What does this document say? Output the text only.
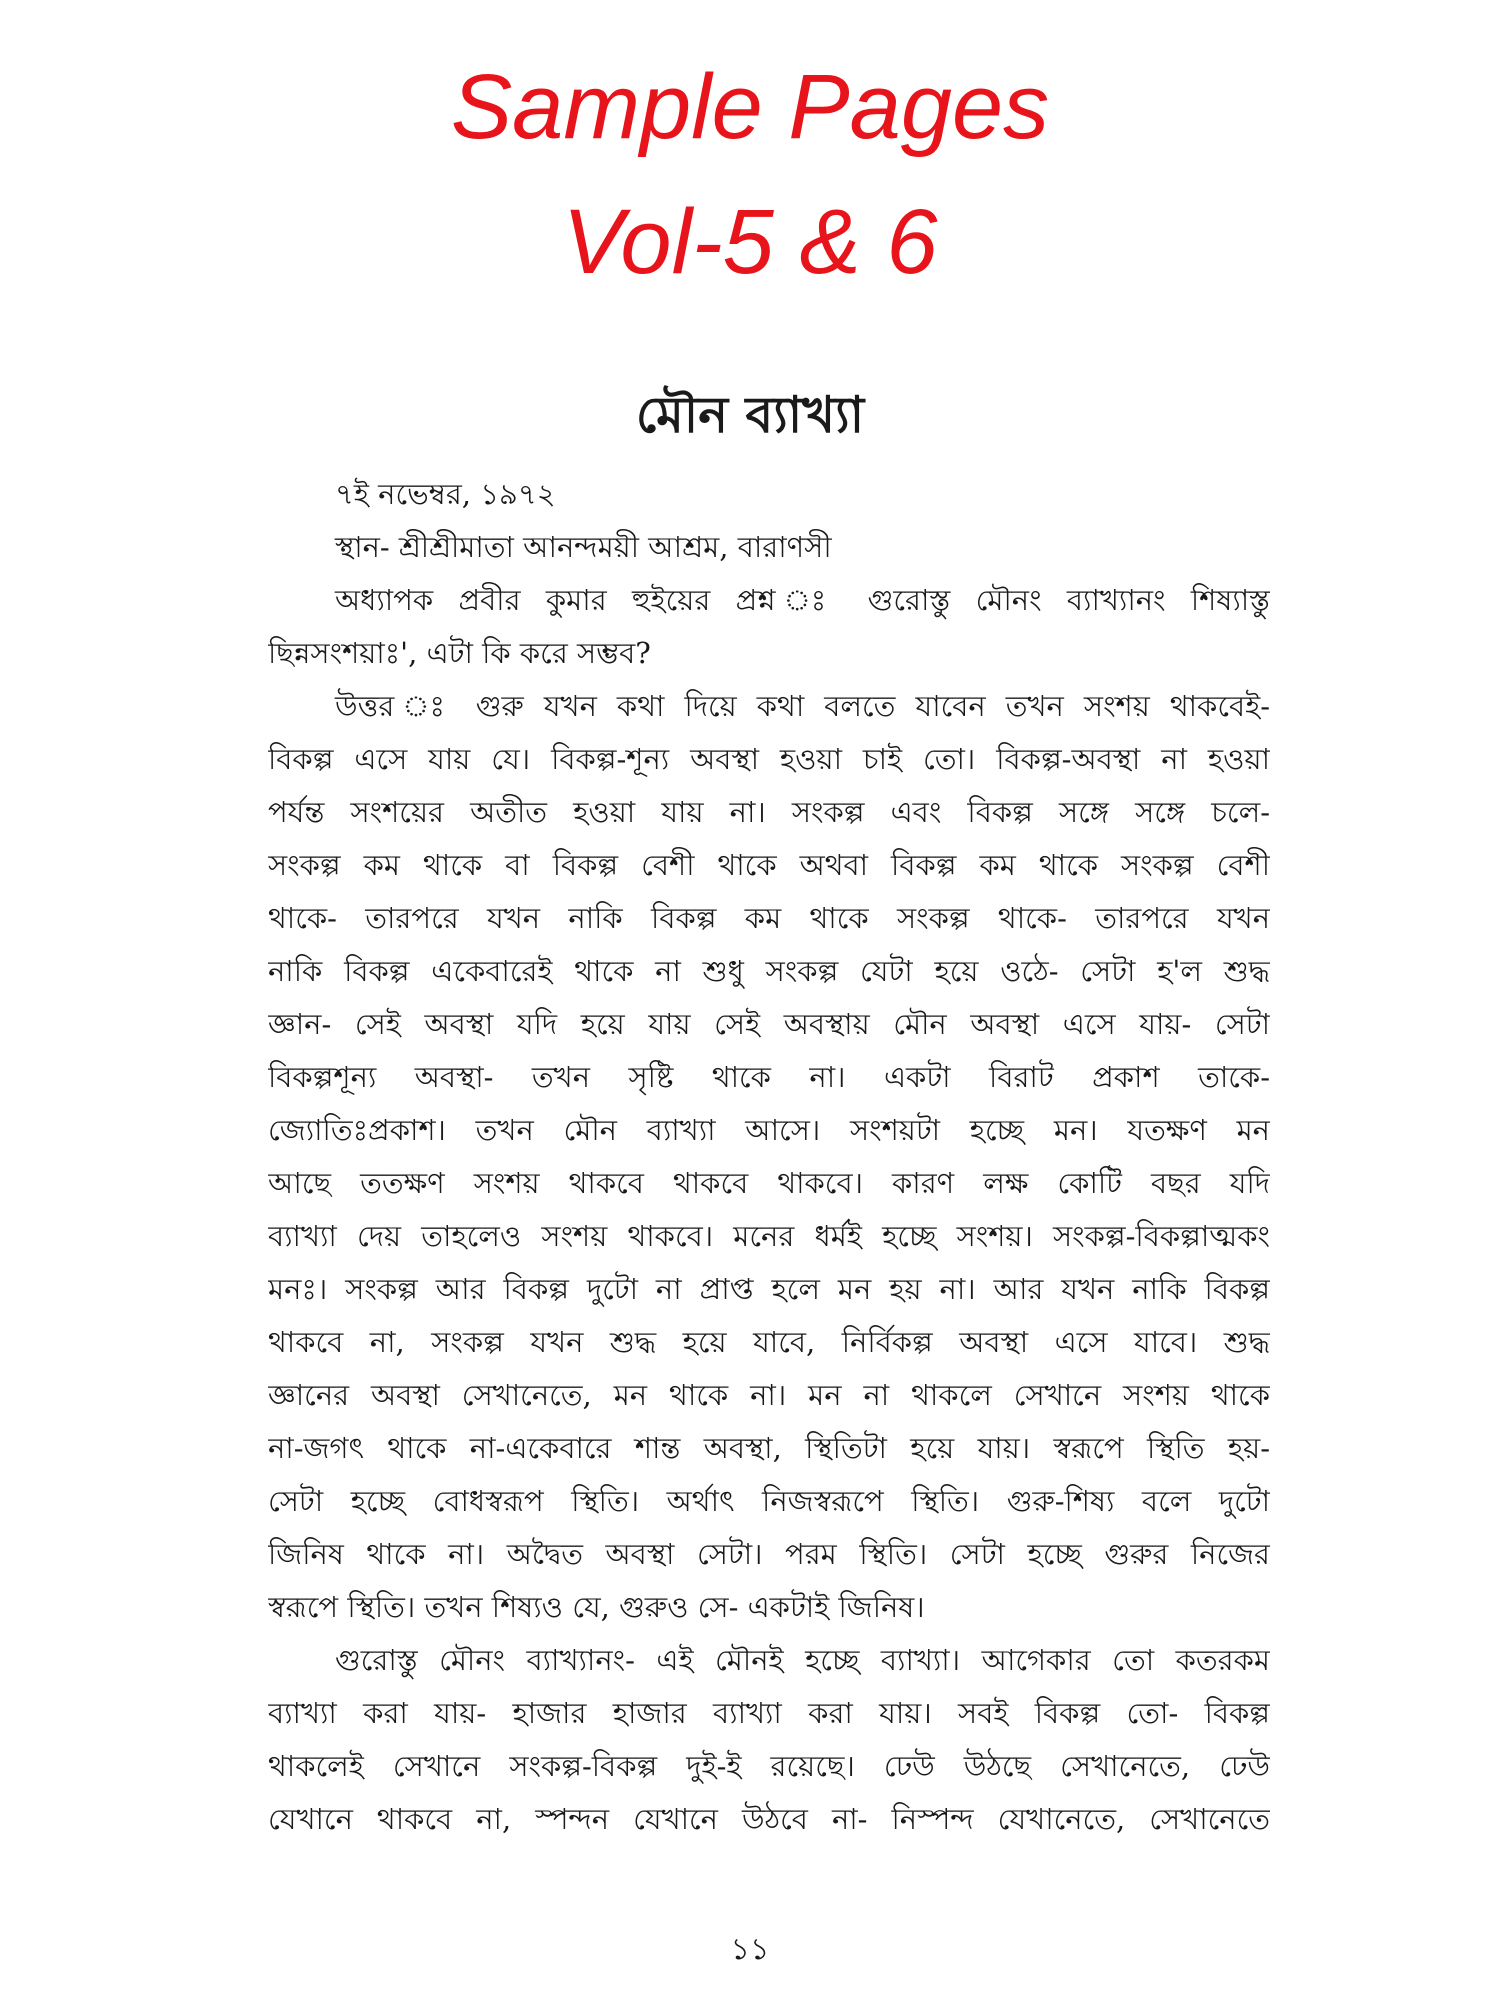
Sample Pages
Vol-5 & 6
মৌন ব্যাখ্যা
৭ই নভেম্বর, ১৯৭২
স্থান- শ্রীশ্রীমাতা আনন্দময়ী আশ্রম, বারাণসী
অধ্যাপক প্রবীর কুমার হুইয়ের প্রশ্ন ঃ গুরোস্তু মৌনং ব্যাখ্যানং শিষ্যাস্তু
ছিন্নসংশয়াঃ', এটা কি করে সম্ভব?
উত্তর ঃ গুরু যখন কথা দিয়ে কথা বলতে যাবেন তখন সংশয় থাকবেই-
বিকল্প এসে যায় যে। বিকল্প-শূন্য অবস্থা হওয়া চাই তো। বিকল্প-অবস্থা না হওয়া
পর্যন্ত সংশয়ের অতীত হওয়া যায় না। সংকল্প এবং বিকল্প সঙ্গে সঙ্গে চলে-
সংকল্প কম থাকে বা বিকল্প বেশী থাকে অথবা বিকল্প কম থাকে সংকল্প বেশী
থাকে- তারপরে যখন নাকি বিকল্প কম থাকে সংকল্প থাকে- তারপরে যখন
নাকি বিকল্প একেবারেই থাকে না শুধু সংকল্প যেটা হয়ে ওঠে- সেটা হ'ল শুদ্ধ
জ্ঞান- সেই অবস্থা যদি হয়ে যায় সেই অবস্থায় মৌন অবস্থা এসে যায়- সেটা
বিকল্পশূন্য অবস্থা- তখন সৃষ্টি থাকে না। একটা বিরাট প্রকাশ তাকে-
জ্যোতিঃপ্রকাশ। তখন মৌন ব্যাখ্যা আসে। সংশয়টা হচ্ছে মন। যতক্ষণ মন
আছে ততক্ষণ সংশয় থাকবে থাকবে থাকবে। কারণ লক্ষ কোটি বছর যদি
ব্যাখ্যা দেয় তাহলেও সংশয় থাকবে। মনের ধর্মই হচ্ছে সংশয়। সংকল্প-বিকল্পাত্মকং
মনঃ। সংকল্প আর বিকল্প দুটো না প্রাপ্ত হলে মন হয় না। আর যখন নাকি বিকল্প
থাকবে না, সংকল্প যখন শুদ্ধ হয়ে যাবে, নির্বিকল্প অবস্থা এসে যাবে। শুদ্ধ
জ্ঞানের অবস্থা সেখানেতে, মন থাকে না। মন না থাকলে সেখানে সংশয় থাকে
না-জগৎ থাকে না-একেবারে শান্ত অবস্থা, স্থিতিটা হয়ে যায়। স্বরূপে স্থিতি হয়-
সেটা হচ্ছে বোধস্বরূপ স্থিতি। অর্থাৎ নিজস্বরূপে স্থিতি। গুরু-শিষ্য বলে দুটো
জিনিষ থাকে না। অদ্বৈত অবস্থা সেটা। পরম স্থিতি। সেটা হচ্ছে গুরুর নিজের
স্বরূপে স্থিতি। তখন শিষ্যও যে, গুরুও সে- একটাই জিনিষ।
গুরোস্তু মৌনং ব্যাখ্যানং- এই মৌনই হচ্ছে ব্যাখ্যা। আগেকার তো কতরকম
ব্যাখ্যা করা যায়- হাজার হাজার ব্যাখ্যা করা যায়। সবই বিকল্প তো- বিকল্প
থাকলেই সেখানে সংকল্প-বিকল্প দুই-ই রয়েছে। ঢেউ উঠছে সেখানেতে, ঢেউ
যেখানে থাকবে না, স্পন্দন যেখানে উঠবে না- নিস্পন্দ যেখানেতে, সেখানেতে
১১
